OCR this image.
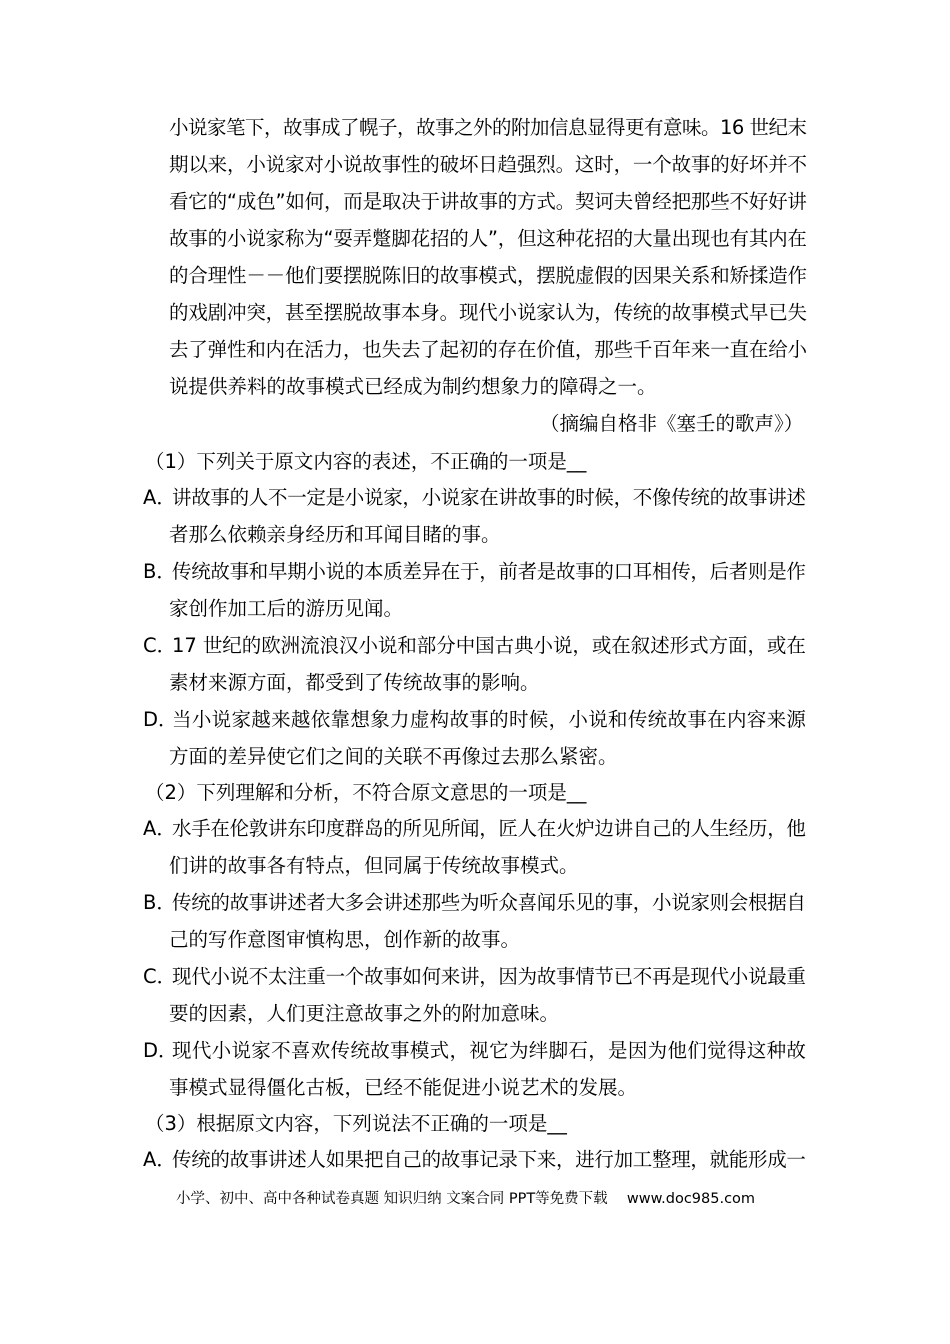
小说家笔下，故事成了幌子，故事之外的附加信息显得更有意味。16 世纪末
期以来，小说家对小说故事性的破坏日趋强烈。这时，一个故事的好坏并不
看它的“成色”如何，而是取决于讲故事的方式。契诃夫曾经把那些不好好讲
故事的小说家称为“耍弄蹩脚花招的人”，但这种花招的大量出现也有其内在
的合理性－－他们要摆脱陈旧的故事模式，摆脱虚假的因果关系和矫揉造作
的戏剧冲突，甚至摆脱故事本身。现代小说家认为，传统的故事模式早已失
去了弹性和内在活力，也失去了起初的存在价值，那些千百年来一直在给小
说提供养料的故事模式已经成为制约想象力的障碍之一。
（摘编自格非《塞壬的歌声》）
（1）下列关于原文内容的表述，不正确的一项是__
A．
讲故事的人不一定是小说家，小说家在讲故事的时候，不像传统的故事讲述
者那么依赖亲身经历和耳闻目睹的事。
B．
传统故事和早期小说的本质差异在于，前者是故事的口耳相传，后者则是作
家创作加工后的游历见闻。
C．
17 世纪的欧洲流浪汉小说和部分中国古典小说，或在叙述形式方面，或在
素材来源方面，都受到了传统故事的影响。
D．
当小说家越来越依靠想象力虚构故事的时候，小说和传统故事在内容来源
方面的差异使它们之间的关联不再像过去那么紧密。
（2）下列理解和分析，不符合原文意思的一项是__
A．
水手在伦敦讲东印度群岛的所见所闻，匠人在火炉边讲自己的人生经历，他
们讲的故事各有特点，但同属于传统故事模式。
B．
传统的故事讲述者大多会讲述那些为听众喜闻乐见的事，小说家则会根据自
己的写作意图审慎构思，创作新的故事。
C．
现代小说不太注重一个故事如何来讲，因为故事情节已不再是现代小说最重
要的因素，人们更注意故事之外的附加意味。
D．
现代小说家不喜欢传统故事模式，视它为绊脚石，是因为他们觉得这种故
事模式显得僵化古板，已经不能促进小说艺术的发展。
（3）根据原文内容，下列说法不正确的一项是__
A．
传统的故事讲述人如果把自己的故事记录下来，进行加工整理，就能形成一
小学、初中、高中各种试卷真题 知识归纳 文案合同 PPT等免费下载 www.doc985.com
